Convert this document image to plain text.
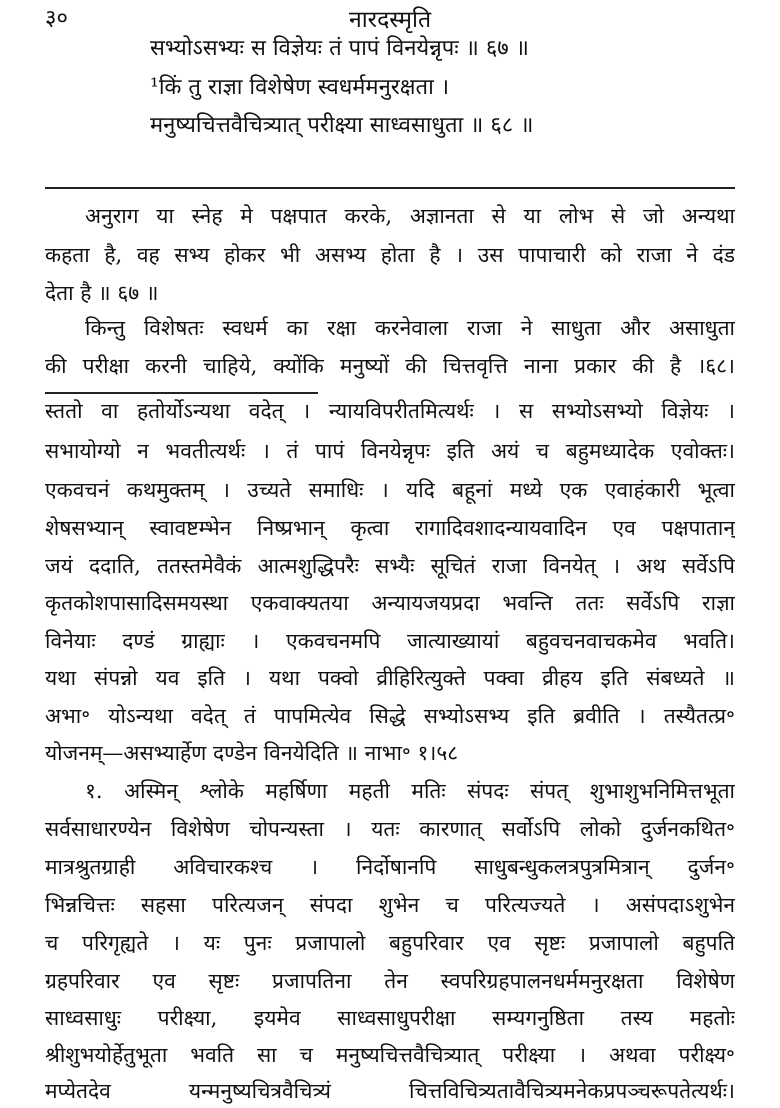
३०	नारदस्मृति
सभ्योऽसभ्यः स विज्ञेयः तं पापं विनयेन्नृपः ॥ ६७ ॥
¹किं तु राज्ञा विशेषेण स्वधर्ममनुरक्षता ।
मनुष्यचित्तवैचित्र्यात् परीक्ष्या साध्वसाधुता ॥ ६८ ॥
अनुराग या स्नेह मे पक्षपात करके, अज्ञानता से या लोभ से जो अन्यथा
कहता है, वह सभ्य होकर भी असभ्य होता है । उस पापाचारी को राजा ने दंड
देता है ॥ ६७ ॥
किन्तु विशेषतः स्वधर्म का रक्षा करनेवाला राजा ने साधुता और असाधुता
की परीक्षा करनी चाहिये, क्योंकि मनुष्यों की चित्तवृत्ति नाना प्रकार की है ।६८।
स्ततो वा हतोर्योऽन्यथा वदेत् । न्यायविपरीतमित्यर्थः । स सभ्योऽसभ्यो विज्ञेयः ।
सभायोग्यो न भवतीत्यर्थः । तं पापं विनयेन्नृपः इति अयं च बहुमध्यादेक एवोक्तः।
एकवचनं कथमुक्तम् । उच्यते समाधिः । यदि बहूनां मध्ये एक एवाहंकारी भूत्वा
शेषसभ्यान् स्वावष्टम्भेन निष्प्रभान् कृत्वा रागादिवशादन्यायवादिन एव पक्षपातान्
जयं ददाति, ततस्तमेवैकं आत्मशुद्धिपरैः सभ्यैः सूचितं राजा विनयेत् । अथ सर्वेऽपि
कृतकोशपासादिसमयस्था एकवाक्यतया अन्यायजयप्रदा भवन्ति ततः सर्वेऽपि राज्ञा
विनेयाः दण्डं ग्राह्याः । एकवचनमपि जात्याख्यायां बहुवचनवाचकमेव भवति।
यथा संपन्नो यव इति । यथा पक्वो व्रीहिरित्युक्ते पक्वा व्रीहय इति संबध्यते ॥
अभा॰ योऽन्यथा वदेत् तं पापमित्येव सिद्धे सभ्योऽसभ्य इति ब्रवीति । तस्यैतत्प्र॰
योजनम्—असभ्यार्हेण दण्डेन विनयेदिति ॥ नाभा॰ १।५८
१. अस्मिन् श्लोके महर्षिणा महती मतिः संपदः संपत् शुभाशुभनिमित्तभूता
सर्वसाधारण्येन विशेषेण चोपन्यस्ता । यतः कारणात् सर्वोऽपि लोको दुर्जनकथित॰
मात्रश्रुतग्राही अविचारकश्च । निर्दोषानपि साधुबन्धुकलत्रपुत्रमित्रान् दुर्जन॰
भिन्नचित्तः सहसा परित्यजन् संपदा शुभेन च परित्यज्यते । असंपदाऽशुभेन
च परिगृह्यते । यः पुनः प्रजापालो बहुपरिवार एव सृष्टः प्रजापालो बहुपति
ग्रहपरिवार एव सृष्टः प्रजापतिना तेन स्वपरिग्रहपालनधर्ममनुरक्षता विशेषेण
साध्वसाधुः परीक्ष्या, इयमेव साध्वसाधुपरीक्षा सम्यगनुष्ठिता तस्य महतोः
श्रीशुभयोर्हेतुभूता भवति सा च मनुष्यचित्तवैचित्र्यात् परीक्ष्या । अथवा परीक्ष्य॰
मप्येतदेव यन्मनुष्यचित्रवैचित्र्यं चित्तविचित्र्यतावैचित्र्यमनेकप्रपञ्चरूपतेत्यर्थः।
